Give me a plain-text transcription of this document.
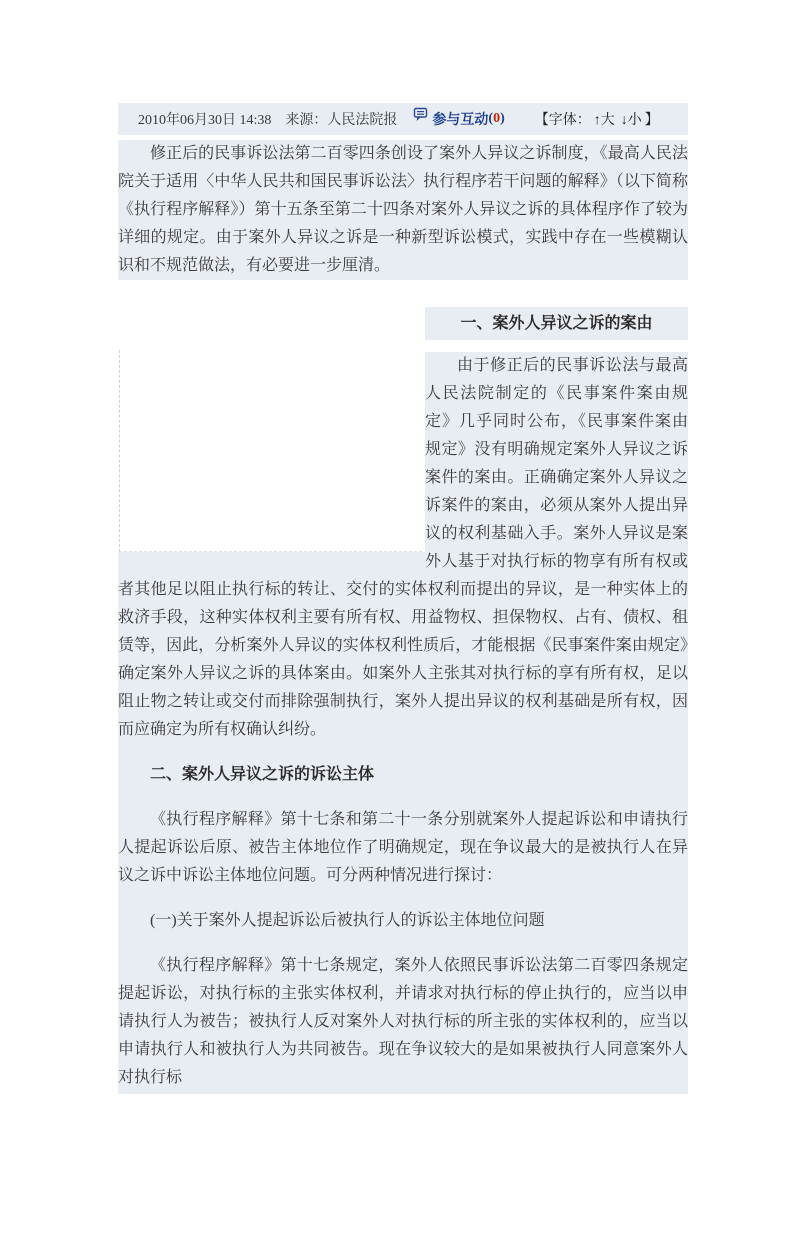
2010年06月30日 14:38 来源：人民法院报	参与互动 ( 0 ) 【字体： ↑大 ↓小 】
修正后的民事诉讼法第二百零四条创设了案外人异议之诉制度，《最高人民法院关于适用〈中华人民共和国民事诉讼法〉执行程序若干问题的解释》（以下简称《执行程序解释》）第十五条至第二十四条对案外人异议之诉的具体程序作了较为详细的规定。由于案外人异议之诉是一种新型诉讼模式，实践中存在一些模糊认识和不规范做法，有必要进一步厘清。
一、案外人异议之诉的案由

由于修正后的民事诉讼法与最高人民法院制定的《民事案件案由规定》几乎同时公布，《民事案件案由规定》没有明确规定案外人异议之诉案件的案由。正确确定案外人异议之诉案件的案由，必须从案外人提出异议的权利基础入手。案外人异议是案外人基于对执行标的物享有所有权或者其他足以阻止执行标的转让、交付的实体权利而提出的异议，是一种实体上的救济手段，这种实体权利主要有所有权、用益物权、担保物权、占有、债权、租赁等，因此，分析案外人异议的实体权利性质后，才能根据《民事案件案由规定》确定案外人异议之诉的具体案由。如案外人主张其对执行标的享有所有权，足以阻止物之转让或交付而排除强制执行，案外人提出异议的权利基础是所有权，因而应确定为所有权确认纠纷。

二、案外人异议之诉的诉讼主体

《执行程序解释》第十七条和第二十一条分别就案外人提起诉讼和申请执行人提起诉讼后原、被告主体地位作了明确规定，现在争议最大的是被执行人在异议之诉中诉讼主体地位问题。可分两种情况进行探讨：

(一)关于案外人提起诉讼后被执行人的诉讼主体地位问题

《执行程序解释》第十七条规定，案外人依照民事诉讼法第二百零四条规定提起诉讼，对执行标的主张实体权利，并请求对执行标的停止执行的，应当以申请执行人为被告；被执行人反对案外人对执行标的所主张的实体权利的，应当以申请执行人和被执行人为共同被告。现在争议较大的是如果被执行人同意案外人对执行标
